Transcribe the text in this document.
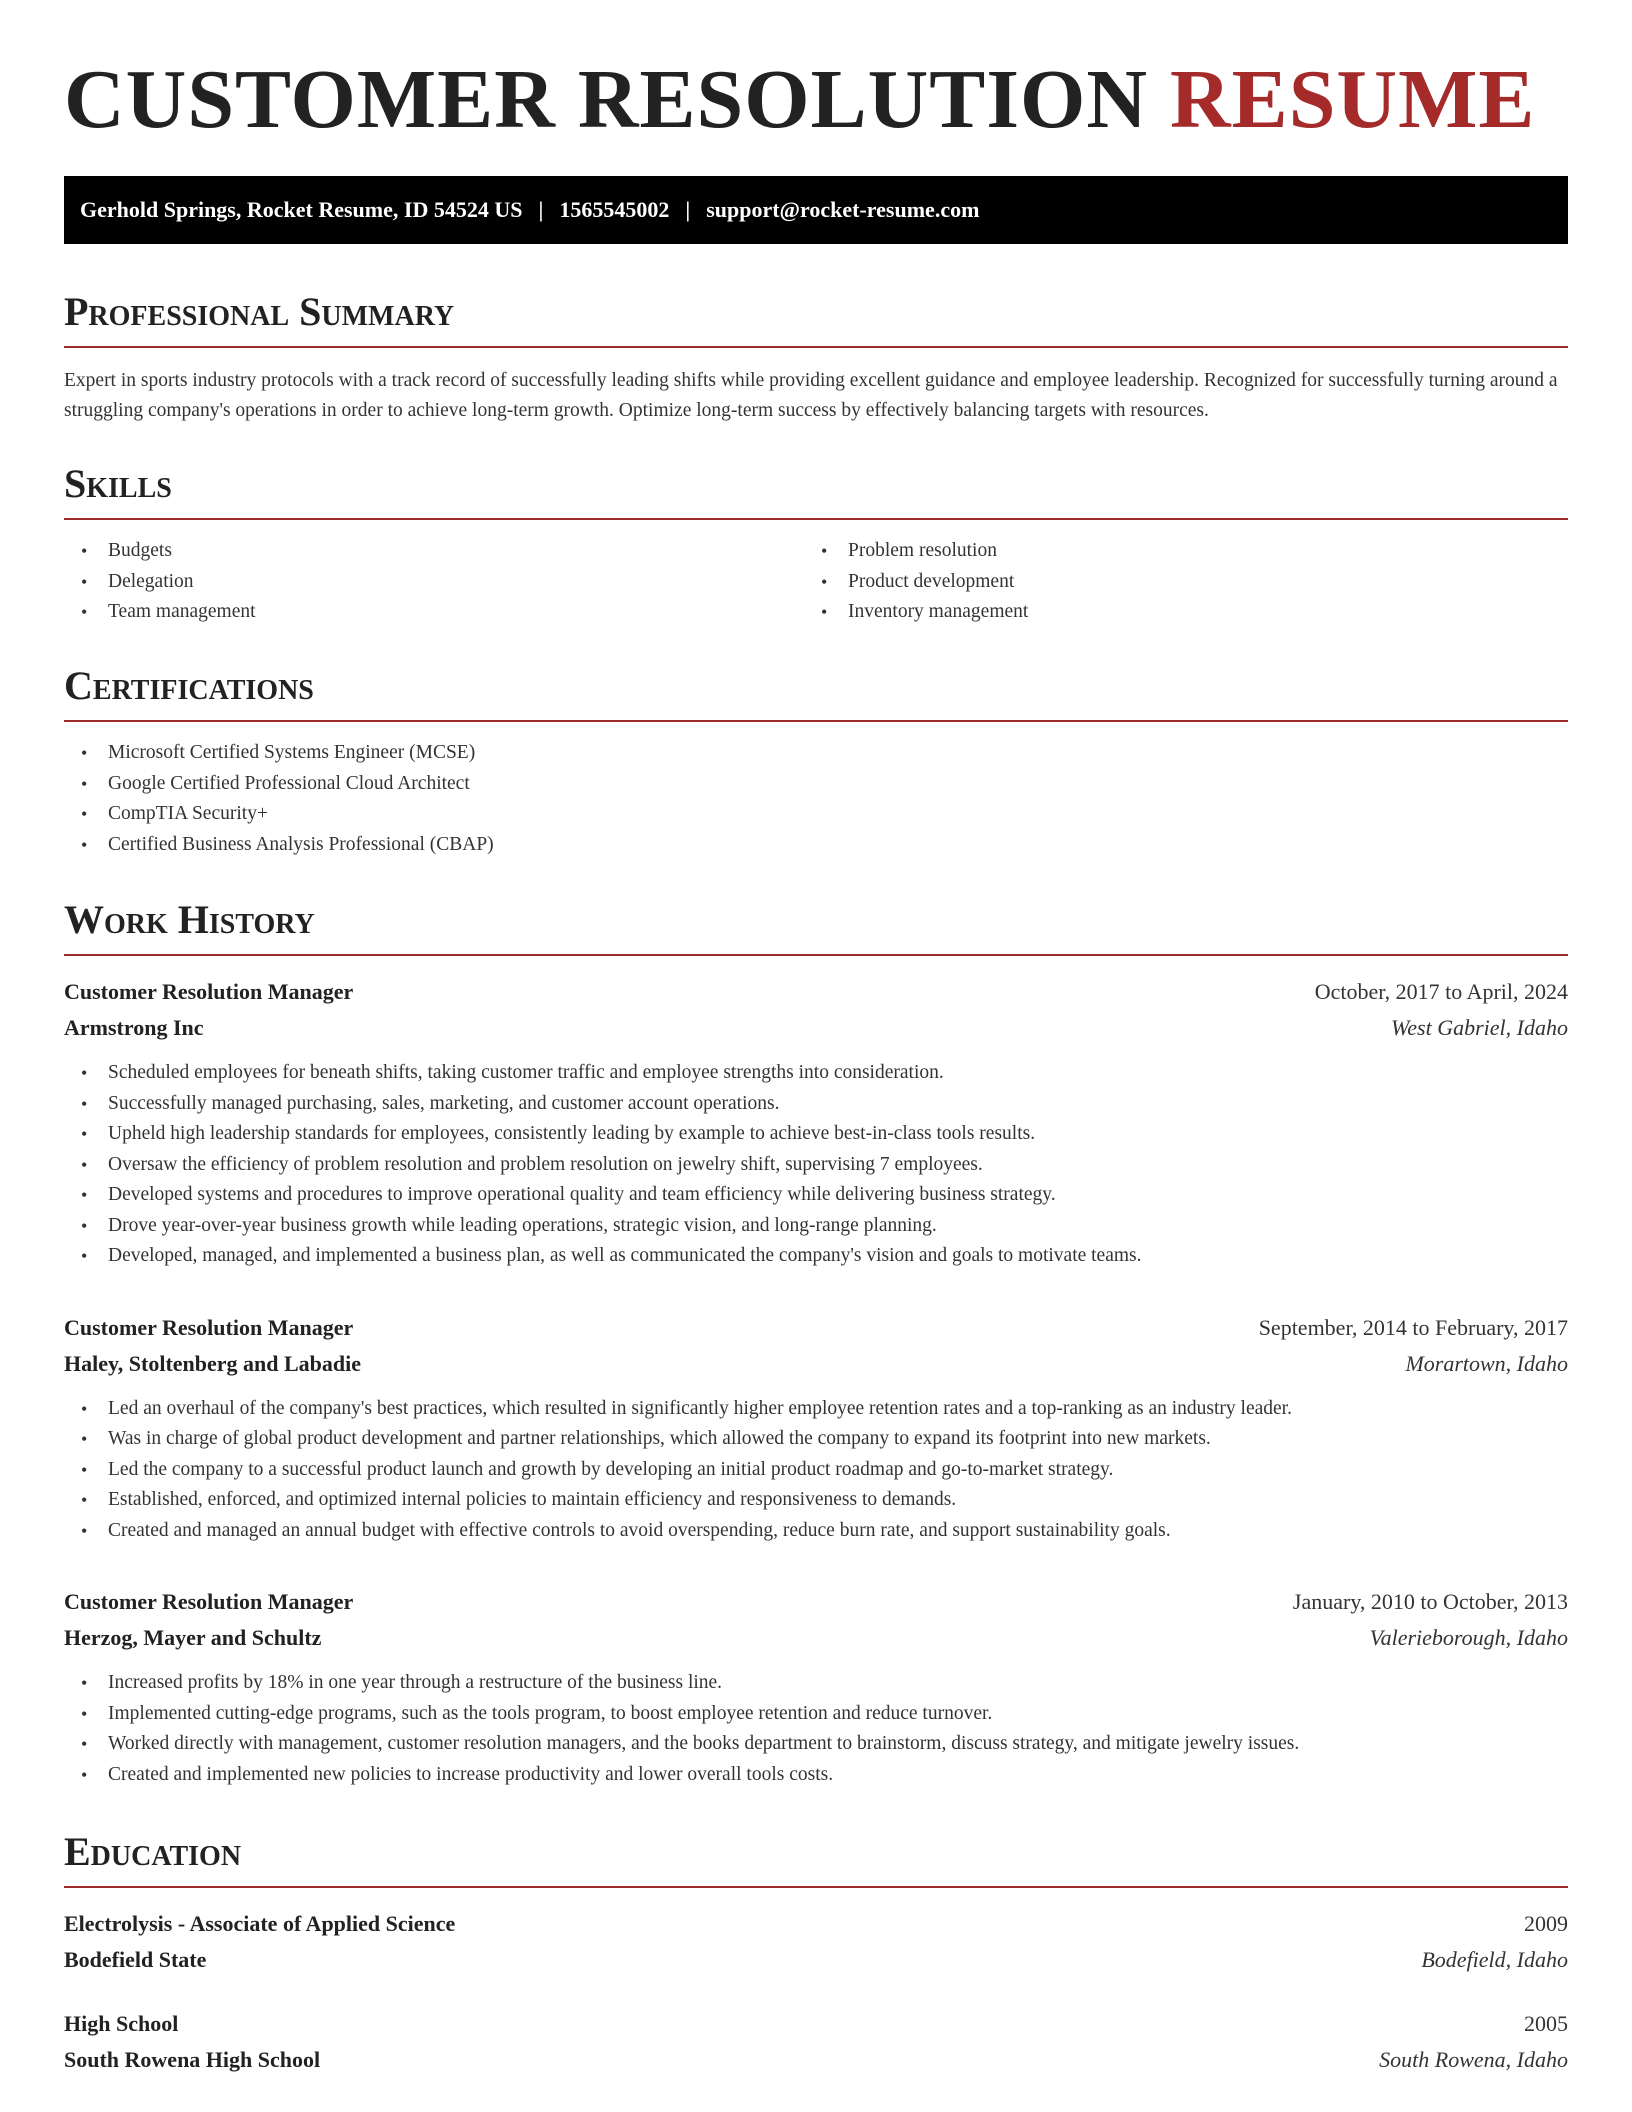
CUSTOMER RESOLUTION RESUME
Gerhold Springs, Rocket Resume, ID 54524 US | 1565545002 | support@rocket-resume.com
Professional Summary

Expert in sports industry protocols with a track record of successfully leading shifts while providing excellent guidance and employee leadership. Recognized for successfully turning around a struggling company's operations in order to achieve long-term growth. Optimize long-term success by effectively balancing targets with resources.

Skills
• Budgets
• Delegation
• Team management
• Problem resolution
• Product development
• Inventory management
Certifications
• Microsoft Certified Systems Engineer (MCSE)
• Google Certified Professional Cloud Architect
• CompTIA Security+
• Certified Business Analysis Professional (CBAP)
Work History
Customer Resolution Manager	October, 2017 to April, 2024
Armstrong Inc	West Gabriel, Idaho
• Scheduled employees for beneath shifts, taking customer traffic and employee strengths into consideration.
• Successfully managed purchasing, sales, marketing, and customer account operations.
• Upheld high leadership standards for employees, consistently leading by example to achieve best-in-class tools results.
• Oversaw the efficiency of problem resolution and problem resolution on jewelry shift, supervising 7 employees.
• Developed systems and procedures to improve operational quality and team efficiency while delivering business strategy.
• Drove year-over-year business growth while leading operations, strategic vision, and long-range planning.
• Developed, managed, and implemented a business plan, as well as communicated the company's vision and goals to motivate teams.
Customer Resolution Manager	September, 2014 to February, 2017
Haley, Stoltenberg and Labadie	Morartown, Idaho
• Led an overhaul of the company's best practices, which resulted in significantly higher employee retention rates and a top-ranking as an industry leader.
• Was in charge of global product development and partner relationships, which allowed the company to expand its footprint into new markets.
• Led the company to a successful product launch and growth by developing an initial product roadmap and go-to-market strategy.
• Established, enforced, and optimized internal policies to maintain efficiency and responsiveness to demands.
• Created and managed an annual budget with effective controls to avoid overspending, reduce burn rate, and support sustainability goals.
Customer Resolution Manager	January, 2010 to October, 2013
Herzog, Mayer and Schultz	Valerieborough, Idaho
• Increased profits by 18% in one year through a restructure of the business line.
• Implemented cutting-edge programs, such as the tools program, to boost employee retention and reduce turnover.
• Worked directly with management, customer resolution managers, and the books department to brainstorm, discuss strategy, and mitigate jewelry issues.
• Created and implemented new policies to increase productivity and lower overall tools costs.
Education
Electrolysis - Associate of Applied Science	2009
Bodefield State	Bodefield, Idaho
High School	2005
South Rowena High School	South Rowena, Idaho
